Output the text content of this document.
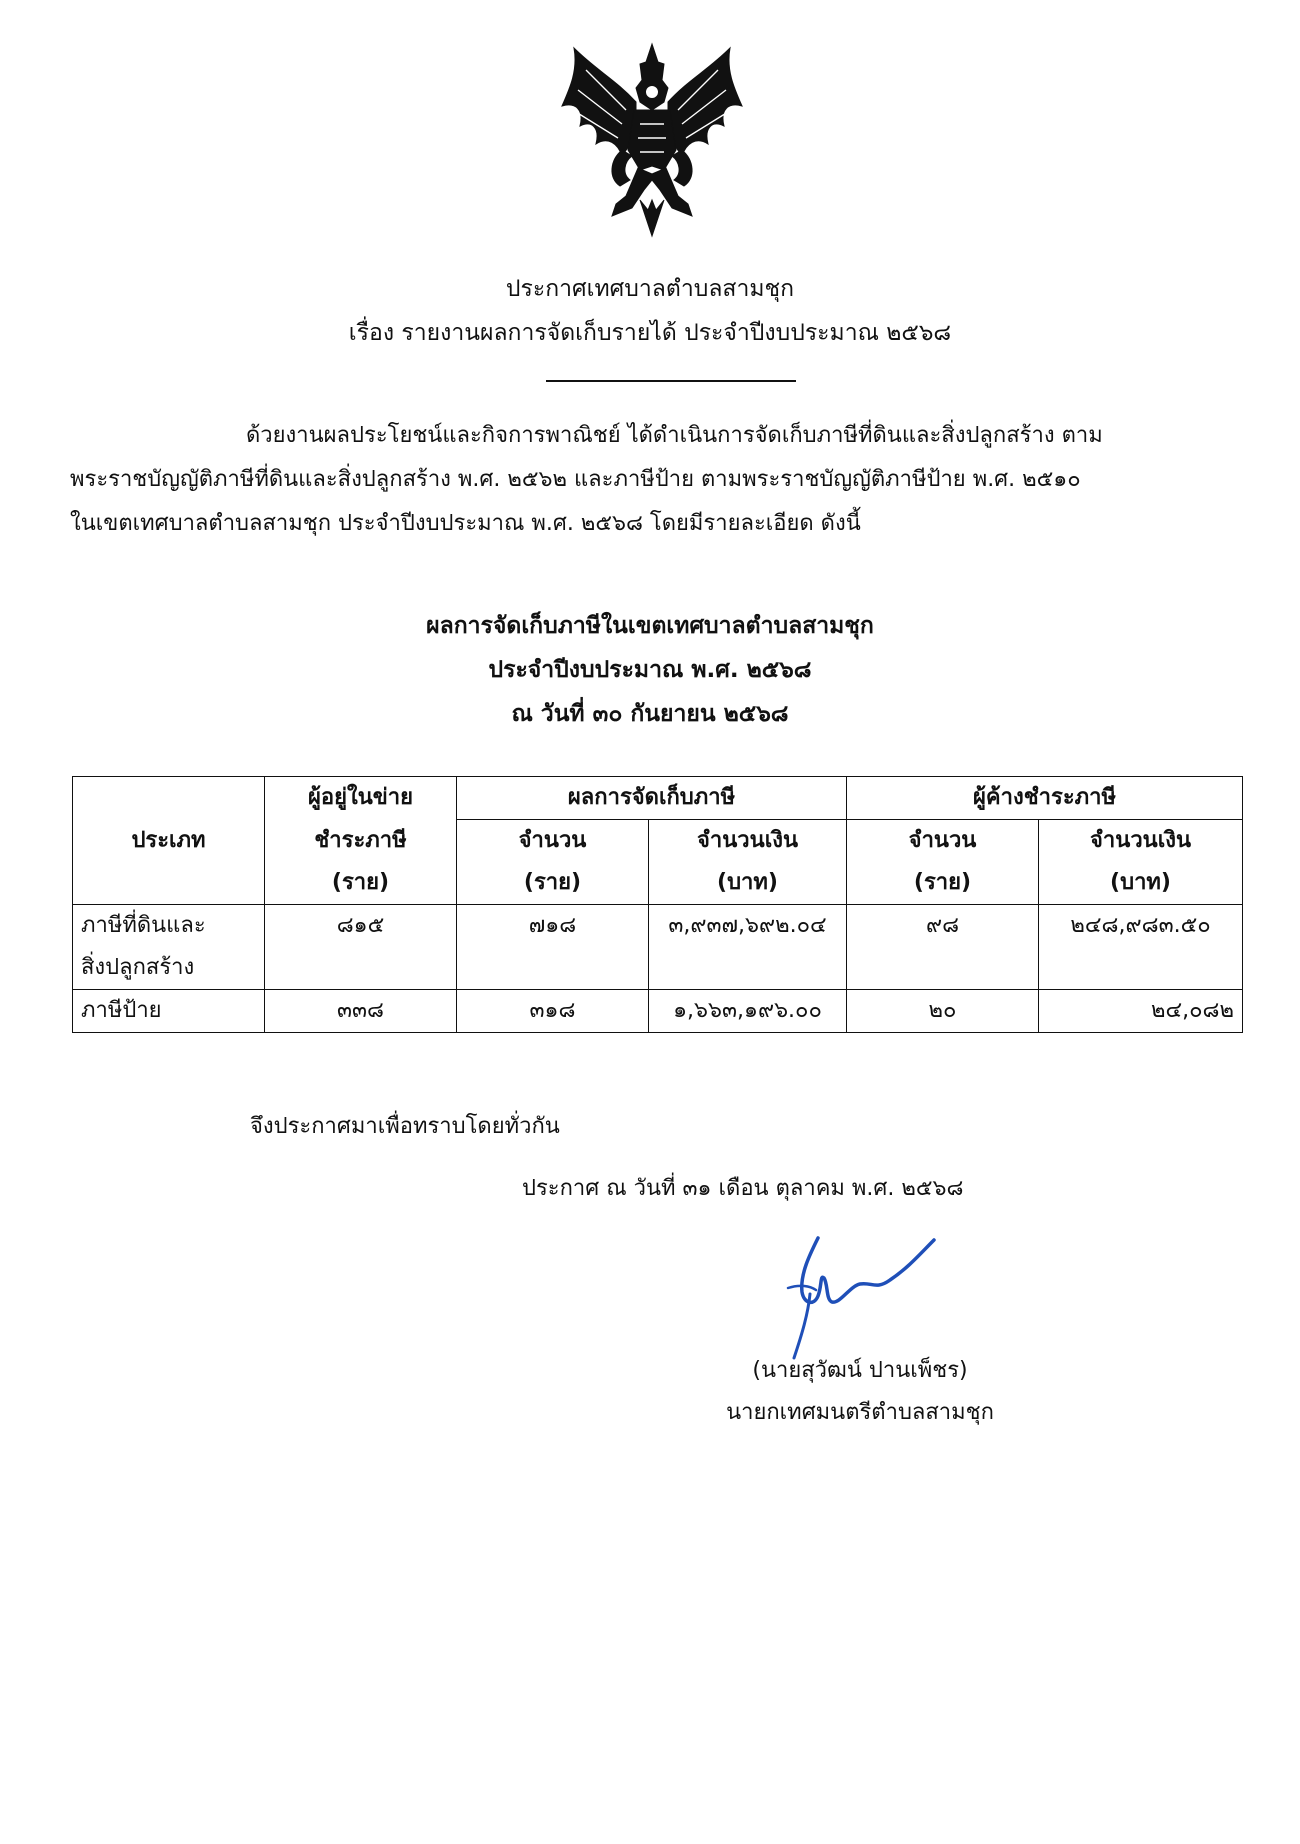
ประกาศเทศบาลตำบลสามชุก
เรื่อง รายงานผลการจัดเก็บรายได้ ประจำปีงบประมาณ ๒๕๖๘
ด้วยงานผลประโยชน์และกิจการพาณิชย์ ได้ดำเนินการจัดเก็บภาษีที่ดินและสิ่งปลูกสร้าง ตาม
พระราชบัญญัติภาษีที่ดินและสิ่งปลูกสร้าง พ.ศ. ๒๕๖๒ และภาษีป้าย ตามพระราชบัญญัติภาษีป้าย พ.ศ. ๒๕๑๐
ในเขตเทศบาลตำบลสามชุก ประจำปีงบประมาณ พ.ศ. ๒๕๖๘ โดยมีรายละเอียด ดังนี้
ผลการจัดเก็บภาษีในเขตเทศบาลตำบลสามชุก
ประจำปีงบประมาณ พ.ศ. ๒๕๖๘
ณ วันที่ ๓๐ กันยายน ๒๕๖๘
ประเภท	ผู้อยู่ในข่าย	ผลการจัดเก็บภาษี		ผู้ค้างชำระภาษี	
	ชำระภาษี	จำนวน	จำนวนเงิน	จำนวน	จำนวนเงิน
	(ราย)	(ราย)	(บาท)	(ราย)	(บาท)

ภาษีที่ดินและ
สิ่งปลูกสร้าง	๘๑๕	๗๑๘	๓,๙๓๗,๖๙๒.๐๔	๙๘	๒๔๘,๙๘๓.๕๐
ภาษีป้าย	๓๓๘	๓๑๘	๑,๖๖๓,๑๙๖.๐๐	๒๐	๒๔,๐๘๒
จึงประกาศมาเพื่อทราบโดยทั่วกัน
ประกาศ ณ วันที่ ๓๑ เดือน ตุลาคม พ.ศ. ๒๕๖๘
(นายสุวัฒน์ ปานเพ็ชร)
นายกเทศมนตรีตำบลสามชุก
